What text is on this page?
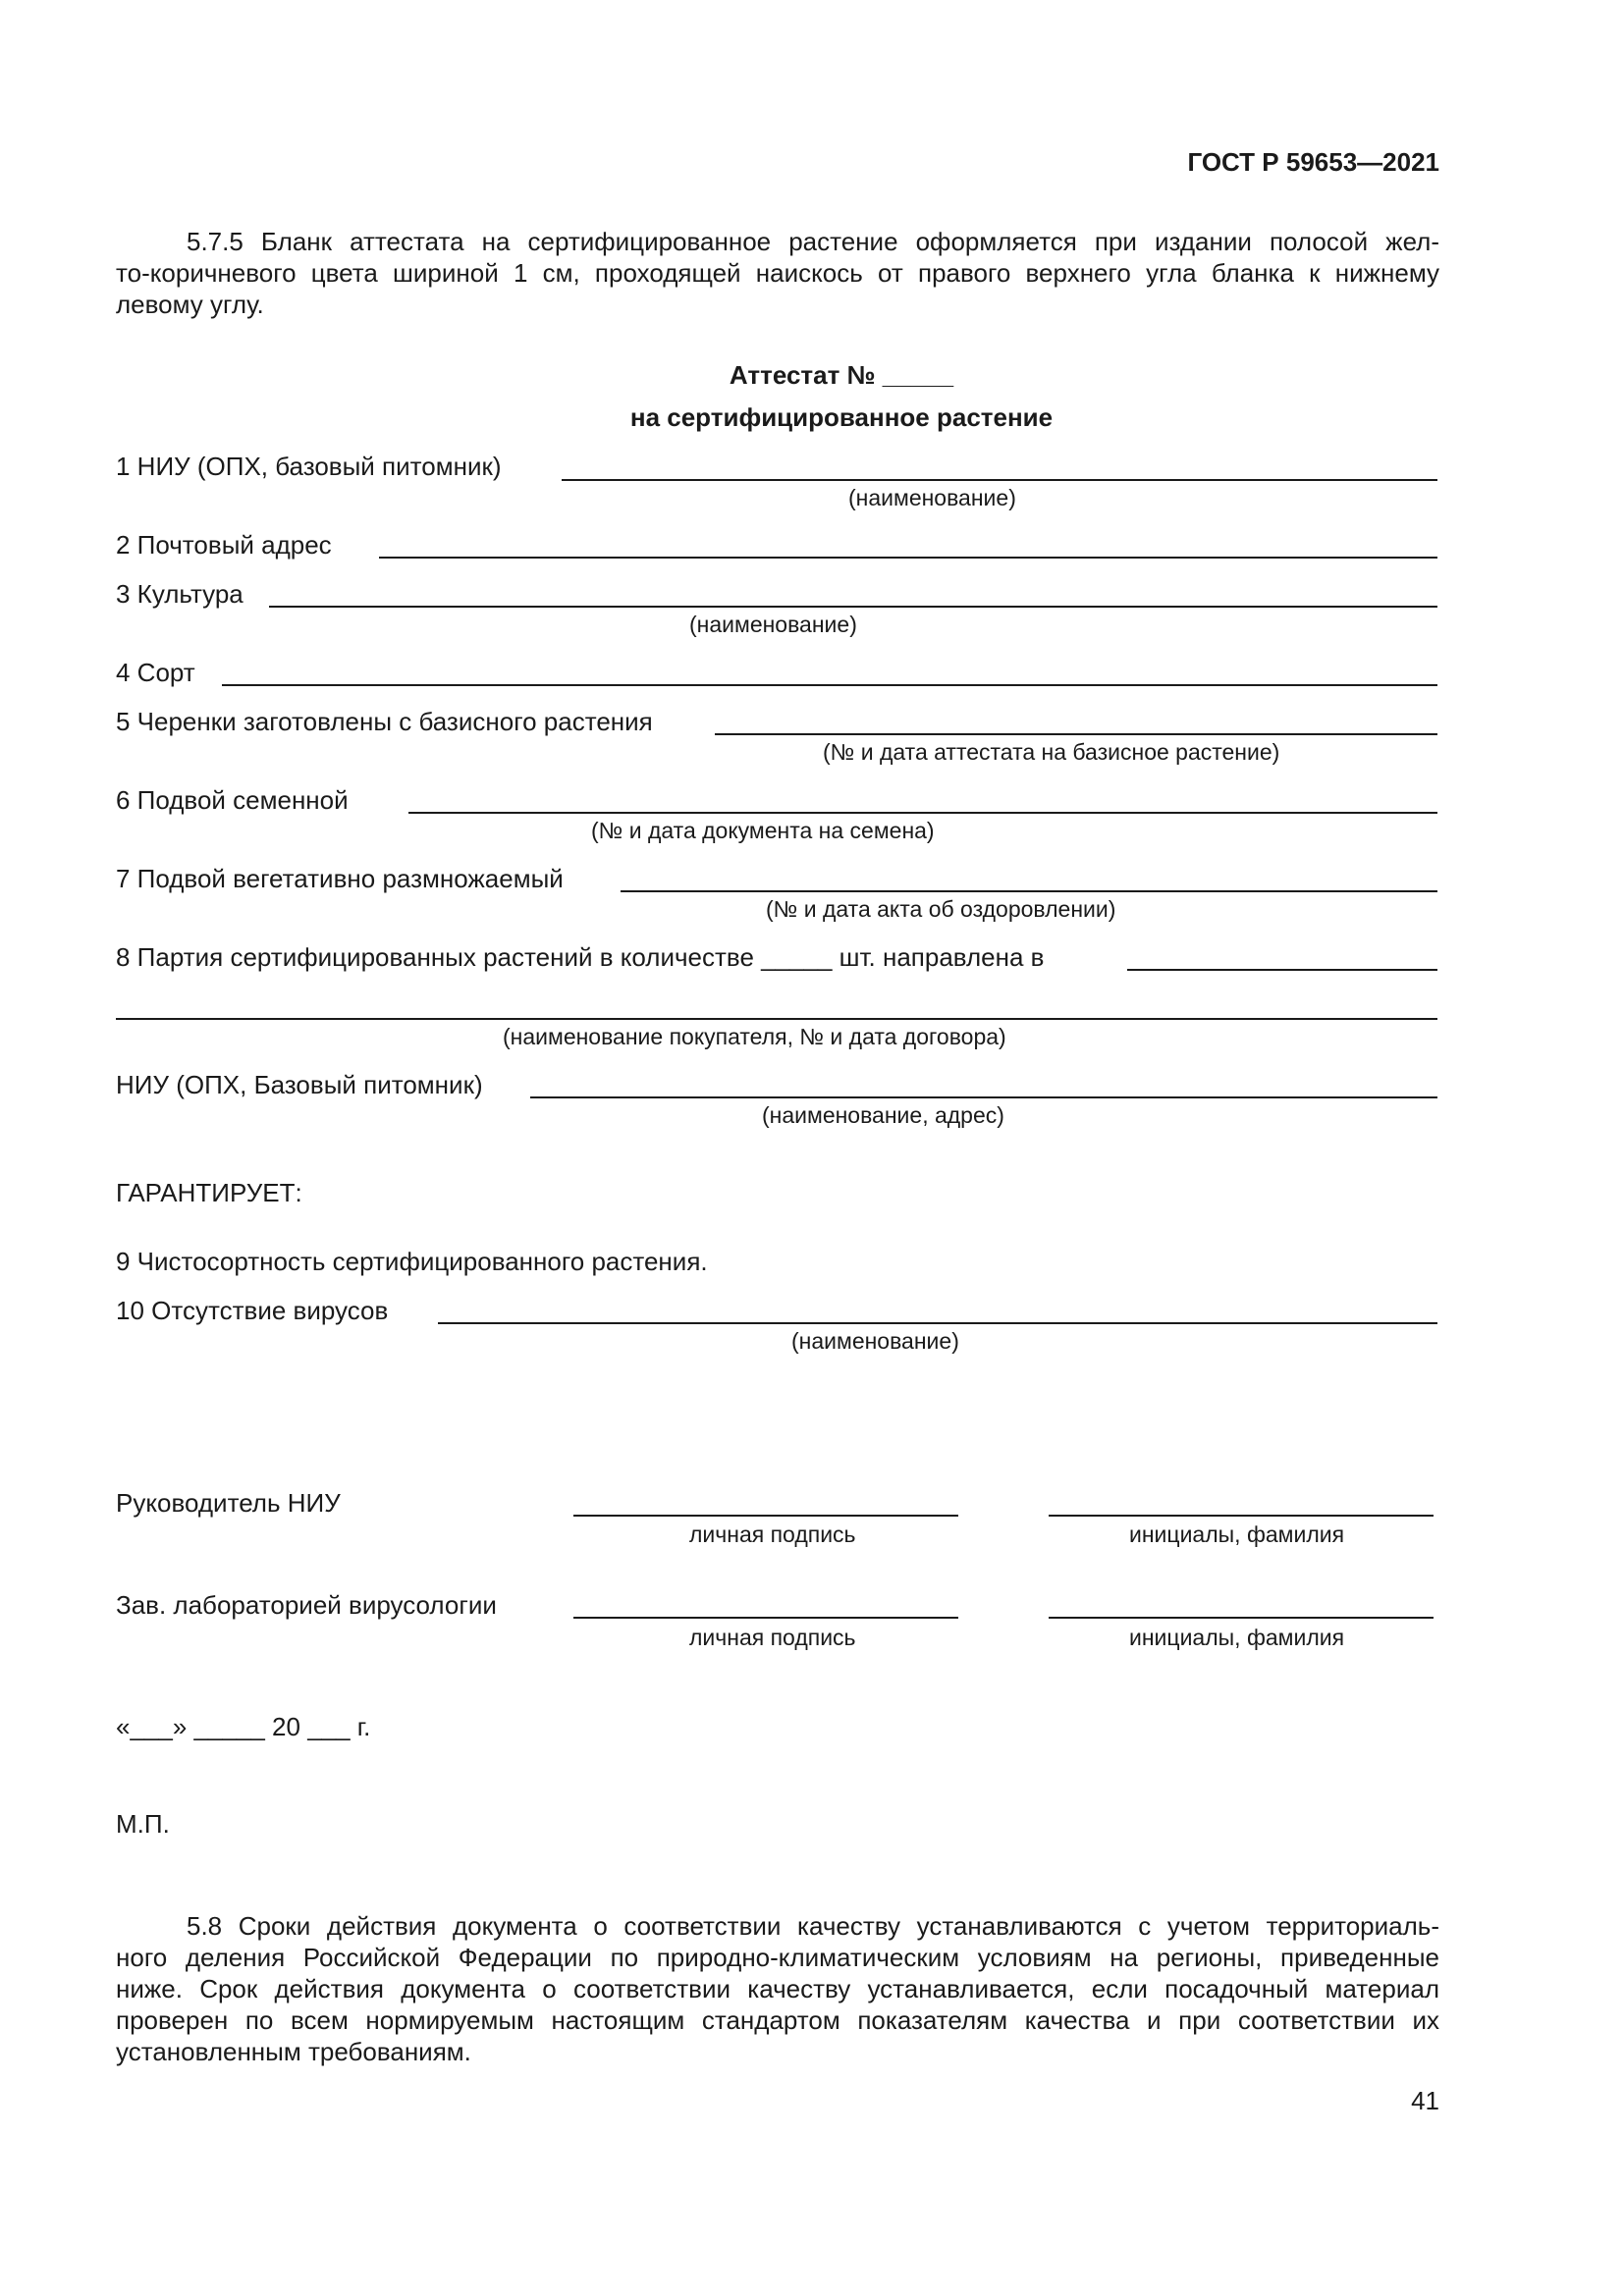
ГОСТ Р 59653—2021
5.7.5 Бланк аттестата на сертифицированное растение оформляется при издании полосой жел-
то-коричневого цвета шириной 1 см, проходящей наискось от правого верхнего угла бланка к нижнему
левому углу.
Аттестат № _____
на сертифицированное растение
1 НИУ (ОПХ, базовый питомник)
(наименование)
2 Почтовый адрес
3 Культура
(наименование)
4 Сорт
5 Черенки заготовлены с базисного растения
(№ и дата аттестата на базисное растение)
6 Подвой семенной
(№ и дата документа на семена)
7 Подвой вегетативно размножаемый
(№ и дата акта об оздоровлении)
8 Партия сертифицированных растений в количестве _____ шт. направлена в
(наименование покупателя, № и дата договора)
НИУ (ОПХ, Базовый питомник)
(наименование, адрес)
ГАРАНТИРУЕТ:
9 Чистосортность сертифицированного растения.
10 Отсутствие вирусов
(наименование)
Руководитель НИУ
личная подпись	инициалы, фамилия
Зав. лабораторией вирусологии
личная подпись	инициалы, фамилия
«___» _____ 20 ___ г.
М.П.
5.8 Сроки действия документа о соответствии качеству устанавливаются с учетом территориаль-
ного деления Российской Федерации по природно-климатическим условиям на регионы, приведенные
ниже. Срок действия документа о соответствии качеству устанавливается, если посадочный материал
проверен по всем нормируемым настоящим стандартом показателям качества и при соответствии их
установленным требованиям.
41
